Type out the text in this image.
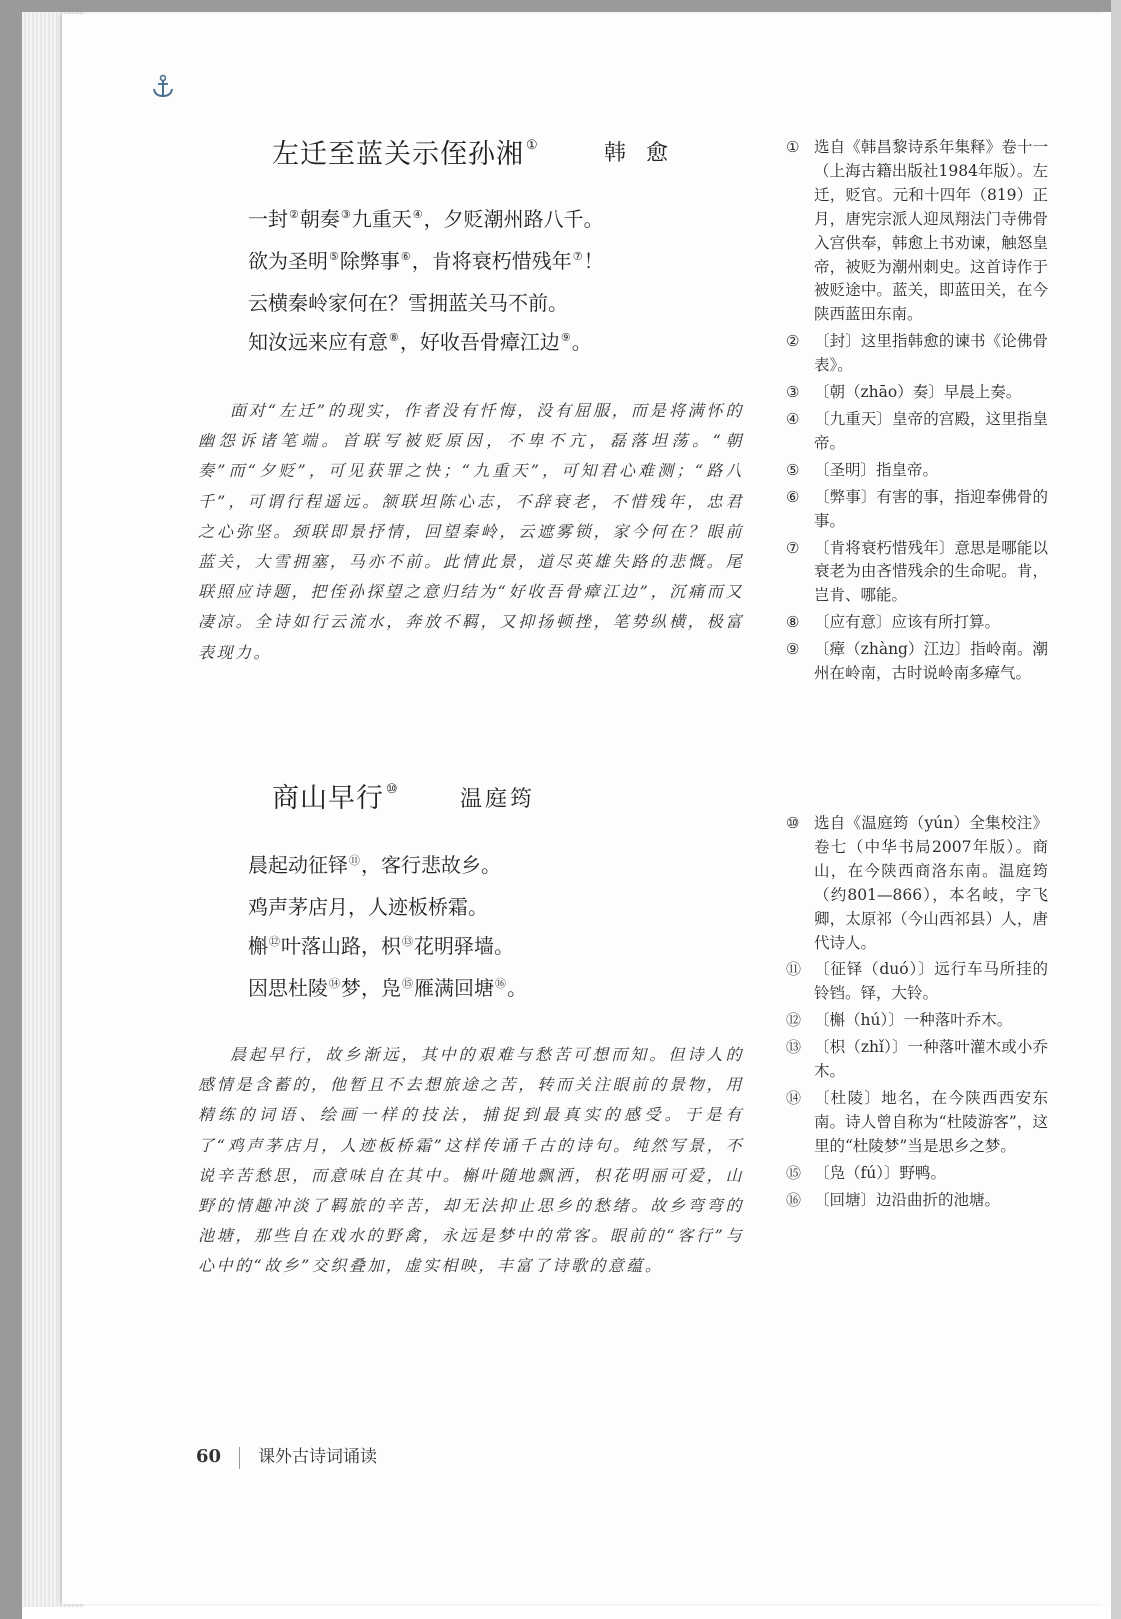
左迁至蓝关示侄孙湘 ①	韩愈
一封②朝奏③九重天④，夕贬潮州路八千。
欲为圣明⑤除弊事⑥，肯将衰朽惜残年⑦！
云横秦岭家何在？雪拥蓝关马不前。
知汝远来应有意⑧，好收吾骨瘴江边⑨。

面对“左迁”的现实，作者没有忏悔，没有屈服，而是将满怀的幽怨诉诸笔端。首联写被贬原因，不卑不亢，磊落坦荡。“朝奏”而“夕贬”，可见获罪之快；“九重天”，可知君心难测；“路八千”，可谓行程遥远。颔联坦陈心志，不辞衰老，不惜残年，忠君之心弥坚。颈联即景抒情，回望秦岭，云遮雾锁，家今何在？眼前蓝关，大雪拥塞，马亦不前。此情此景，道尽英雄失路的悲慨。尾联照应诗题，把侄孙探望之意归结为“好收吾骨瘴江边”，沉痛而又凄凉。全诗如行云流水，奔放不羁，又抑扬顿挫，笔势纵横，极富表现力。

商山早行 ⑩	温庭筠
晨起动征铎⑪，客行悲故乡。
鸡声茅店月，人迹板桥霜。
槲⑫叶落山路，枳⑬花明驿墙。
因思杜陵⑭梦，凫⑮雁满回塘⑯。

晨起早行，故乡渐远，其中的艰难与愁苦可想而知。但诗人的感情是含蓄的，他暂且不去想旅途之苦，转而关注眼前的景物，用精练的词语、绘画一样的技法，捕捉到最真实的感受。于是有了“鸡声茅店月，人迹板桥霜”这样传诵千古的诗句。纯然写景，不说辛苦愁思，而意味自在其中。槲叶随地飘洒，枳花明丽可爱，山野的情趣冲淡了羁旅的辛苦，却无法抑止思乡的愁绪。故乡弯弯的池塘，那些自在戏水的野禽，永远是梦中的常客。眼前的“客行”与心中的“故乡”交织叠加，虚实相映，丰富了诗歌的意蕴。

① 选自《韩昌黎诗系年集释》卷十一（上海古籍出版社1984年版）。左迁，贬官。元和十四年（819）正月，唐宪宗派人迎凤翔法门寺佛骨入宫供奉，韩愈上书劝谏，触怒皇帝，被贬为潮州刺史。这首诗作于被贬途中。蓝关，即蓝田关，在今陕西蓝田东南。
② 〔封〕这里指韩愈的谏书《论佛骨表》。
③ 〔朝（zhāo）奏〕早晨上奏。
④ 〔九重天〕皇帝的宫殿，这里指皇帝。
⑤ 〔圣明〕指皇帝。
⑥ 〔弊事〕有害的事，指迎奉佛骨的事。
⑦ 〔肯将衰朽惜残年〕意思是哪能以衰老为由吝惜残余的生命呢。肯，岂肯、哪能。
⑧ 〔应有意〕应该有所打算。
⑨ 〔瘴（zhàng）江边〕指岭南。潮州在岭南，古时说岭南多瘴气。
⑩ 选自《温庭筠（yún）全集校注》卷七（中华书局2007年版）。商山，在今陕西商洛东南。温庭筠（约801—866），本名岐，字飞卿，太原祁（今山西祁县）人，唐代诗人。
⑪ 〔征铎（duó）〕远行车马所挂的铃铛。铎，大铃。
⑫ 〔槲（hú）〕一种落叶乔木。
⑬ 〔枳（zhǐ）〕一种落叶灌木或小乔木。
⑭ 〔杜陵〕地名，在今陕西西安东南。诗人曾自称为“杜陵游客”，这里的“杜陵梦”当是思乡之梦。
⑮ 〔凫（fú）〕野鸭。
⑯ 〔回塘〕边沿曲折的池塘。
60 课外古诗词诵读
